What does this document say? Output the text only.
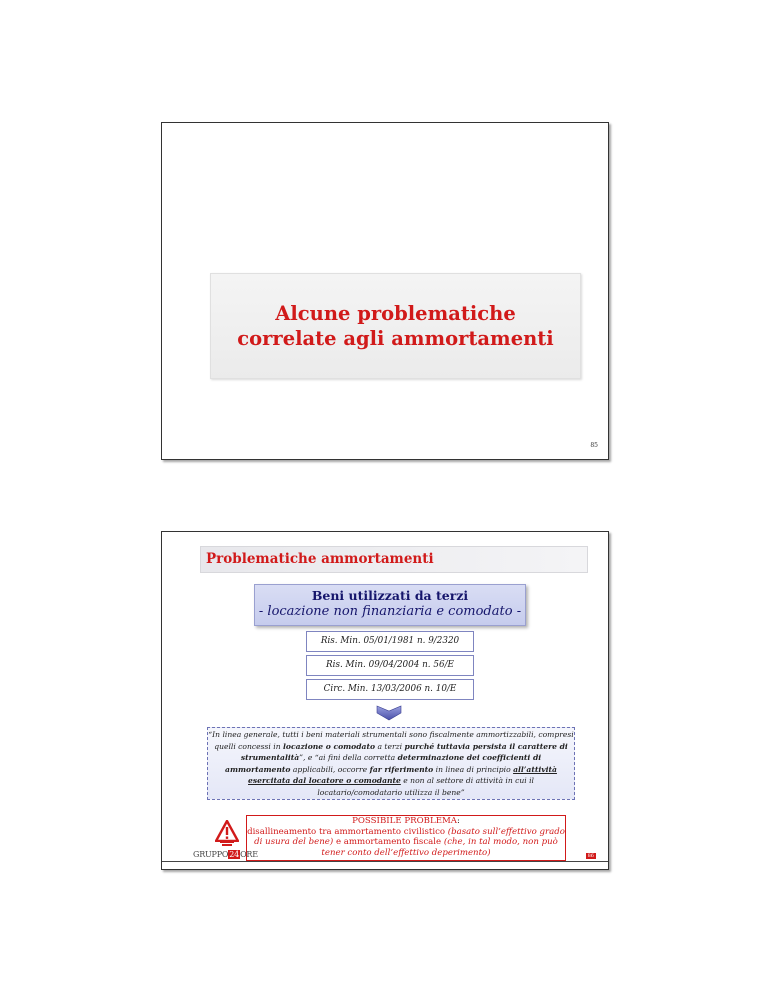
Alcune problematiche correlate agli ammortamenti
85
Problematiche ammortamenti
Beni utilizzati da terzi
- locazione non finanziaria e comodato -
Ris. Min. 05/01/1981 n. 9/2320
Ris. Min. 09/04/2004 n. 56/E
Circ. Min. 13/03/2006 n. 10/E
“In linea generale, tutti i beni materiali strumentali sono fiscalmente ammortizzabili, compresi quelli concessi in locazione o comodato a terzi purché tuttavia persista il carattere di strumentalità”, e “ai fini della corretta determinazione dei coefficienti di ammortamento applicabili, occorre far riferimento in linea di principio all’attività esercitata dal locatore o comodante e non al settore di attività in cui il locatario/comodatario utilizza il bene”
POSSIBILE PROBLEMA:
disallineamento tra ammortamento civilistico (basato sull’effettivo grado di usura del bene) e ammortamento fiscale (che, in tal modo, non può tener conto dell’effettivo deperimento)
GRUPPO24ORE	86
